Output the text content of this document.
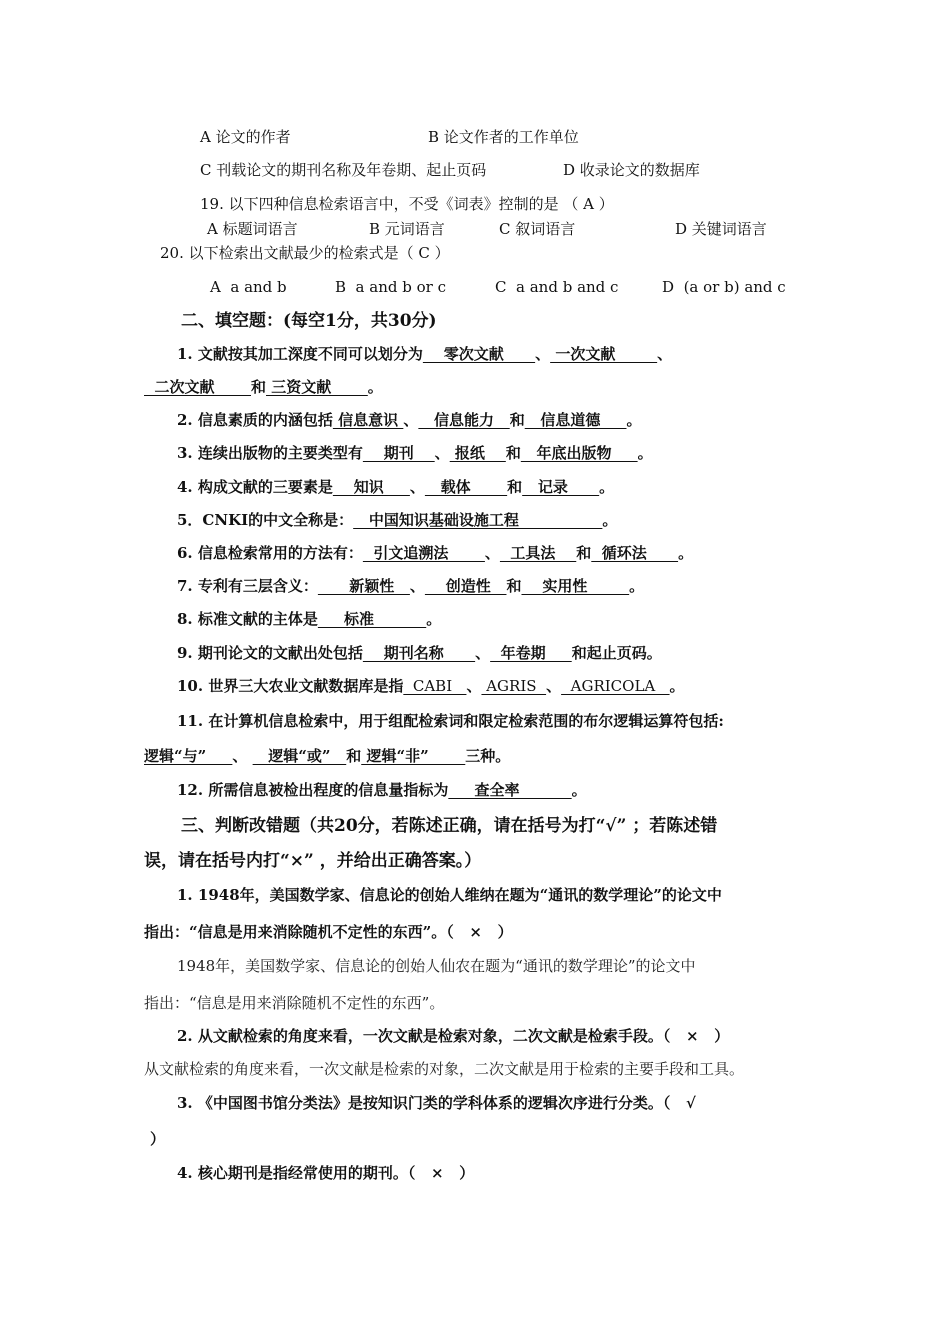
A 论文的作者	B 论文作者的工作单位
C 刊载论文的期刊名称及年卷期、起止页码	D 收录论文的数据库
19. 以下四种信息检索语言中，不受《词表》控制的是 （ A ）
A 标题词语言	B 元词语言	C 叙词语言	D 关键词语言
20. 以下检索出文献最少的检索式是（ C ）
A  a and b	B  a and b or c	C  a and b and c	D  (a or b) and c
二、填空题：(每空1分，共30分)
1. 文献按其加工深度不同可以划分为    零次文献      、 一次文献        、
二次文献       和 三资文献       。
2. 信息素质的内涵包括 信息意识 、   信息能力   和   信息道德     。
3. 连续出版物的主要类型有    期刊    、 报纸    和   年底出版物     。
4. 构成文献的三要素是    知识     、   载体       和   记录      。
5．CNKI的中文全称是：   中国知识基础设施工程                。
6. 信息检索常用的方法有：  引文追溯法       、  工具法    和  循环法      。
7. 专利有三层含义：      新颖性   、    创造性   和    实用性        。
8. 标准文献的主体是     标准          。
9. 期刊论文的文献出处包括    期刊名称      、  年卷期     和起止页码。
10. 世界三大农业文献数据库是指  CABI   、 AGRIS  、  AGRICOLA   。
11. 在计算机信息检索中，用于组配检索词和限定检索范围的布尔逻辑运算符包括:
逻辑“与”     、    逻辑“或”   和 逻辑“非”       三种。
12. 所需信息被检出程度的信息量指标为     查全率          。
三、判断改错题（共20分，若陈述正确，请在括号为打“√” ；若陈述错
误，请在括号内打“×” ，并给出正确答案。）
1. 1948年，美国数学家、信息论的创始人维纳在题为“通讯的数学理论”的论文中
指出：“信息是用来消除随机不定性的东西”。（   ×   ）
1948年，美国数学家、信息论的创始人仙农在题为“通讯的数学理论”的论文中
指出：“信息是用来消除随机不定性的东西”。
2. 从文献检索的角度来看，一次文献是检索对象，二次文献是检索手段。（   ×   ）
从文献检索的角度来看，一次文献是检索的对象，二次文献是用于检索的主要手段和工具。
3. 《中国图书馆分类法》是按知识门类的学科体系的逻辑次序进行分类。（   √
）
4. 核心期刊是指经常使用的期刊。（   ×   ）
